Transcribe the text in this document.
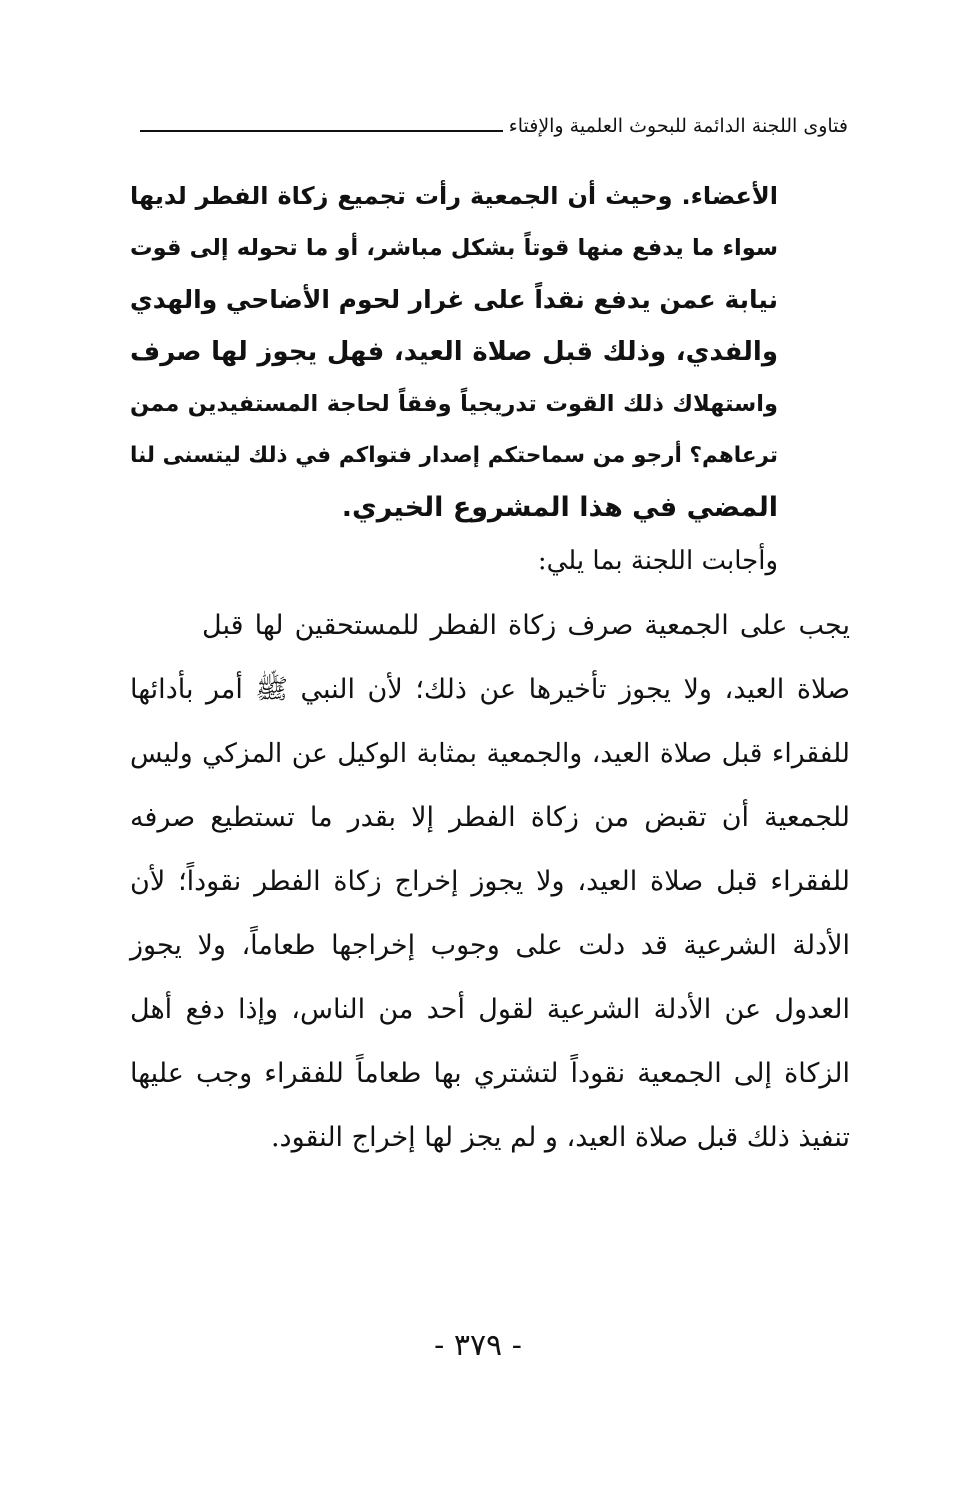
فتاوى اللجنة الدائمة للبحوث العلمية والإفتاء
الأعضاء. وحيث أن الجمعية رأت تجميع زكاة الفطر لديها
سواء ما يدفع منها قوتاً بشكل مباشر، أو ما تحوله إلى قوت
نيابة عمن يدفع نقداً على غرار لحوم الأضاحي والهدي
والفدي، وذلك قبل صلاة العيد، فهل يجوز لها صرف
واستهلاك ذلك القوت تدريجياً وفقاً لحاجة المستفيدين ممن
ترعاهم؟ أرجو من سماحتكم إصدار فتواكم في ذلك ليتسنى لنا
المضي في هذا المشروع الخيري.
وأجابت اللجنة بما يلي:
يجب على الجمعية صرف زكاة الفطر للمستحقين لها قبل
صلاة العيد، ولا يجوز تأخيرها عن ذلك؛ لأن النبي ﷺ أمر بأدائها
للفقراء قبل صلاة العيد، والجمعية بمثابة الوكيل عن المزكي وليس
للجمعية أن تقبض من زكاة الفطر إلا بقدر ما تستطيع صرفه
للفقراء قبل صلاة العيد، ولا يجوز إخراج زكاة الفطر نقوداً؛ لأن
الأدلة الشرعية قد دلت على وجوب إخراجها طعاماً، ولا يجوز
العدول عن الأدلة الشرعية لقول أحد من الناس، وإذا دفع أهل
الزكاة إلى الجمعية نقوداً لتشتري بها طعاماً للفقراء وجب عليها
تنفيذ ذلك قبل صلاة العيد، و لم يجز لها إخراج النقود.
- ٣٧٩ -
